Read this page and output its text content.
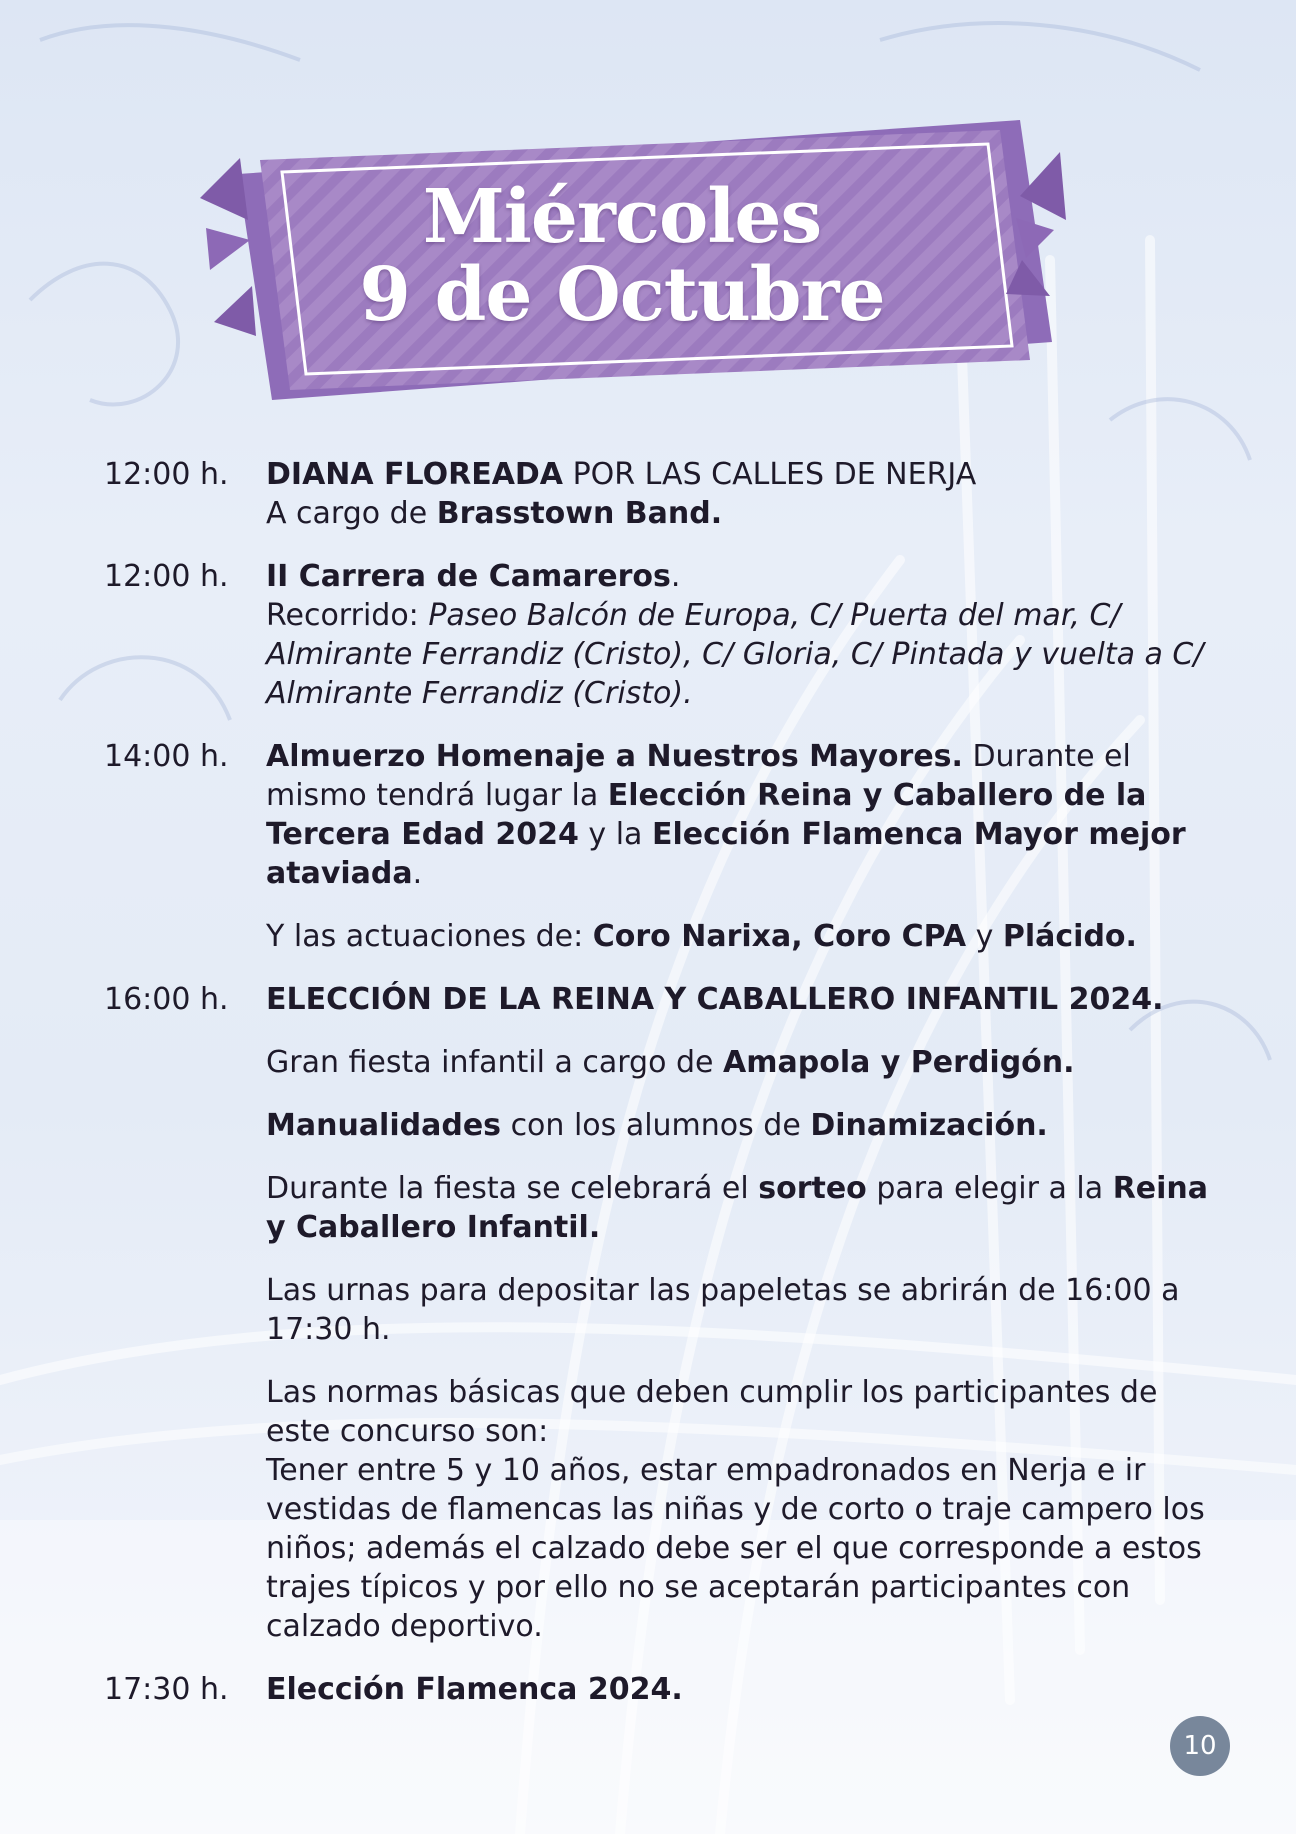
Miércoles
9 de Octubre
12:00 h.	DIANA FLOREADA POR LAS CALLES DE NERJA
A cargo de Brasstown Band.
12:00 h.	II Carrera de Camareros.
Recorrido: Paseo Balcón de Europa, C/ Puerta del mar, C/ Almirante Ferrandiz (Cristo), C/ Gloria, C/ Pintada y vuelta a C/ Almirante Ferrandiz (Cristo).
14:00 h.	Almuerzo Homenaje a Nuestros Mayores. Durante el mismo tendrá lugar la Elección Reina y Caballero de la Tercera Edad 2024 y la Elección Flamenca Mayor mejor ataviada.

Y las actuaciones de: Coro Narixa, Coro CPA y Plácido.

16:00 h.	ELECCIÓN DE LA REINA Y CABALLERO INFANTIL 2024.

Gran fiesta infantil a cargo de Amapola y Perdigón.

Manualidades con los alumnos de Dinamización.

Durante la fiesta se celebrará el sorteo para elegir a la Reina y Caballero Infantil.

Las urnas para depositar las papeletas se abrirán de 16:00 a 17:30 h.

Las normas básicas que deben cumplir los participantes de este concurso son:
Tener entre 5 y 10 años, estar empadronados en Nerja e ir vestidas de flamencas las niñas y de corto o traje campero los niños; además el calzado debe ser el que corresponde a estos trajes típicos y por ello no se aceptarán participantes con calzado deportivo.

17:30 h.	Elección Flamenca 2024.
10
